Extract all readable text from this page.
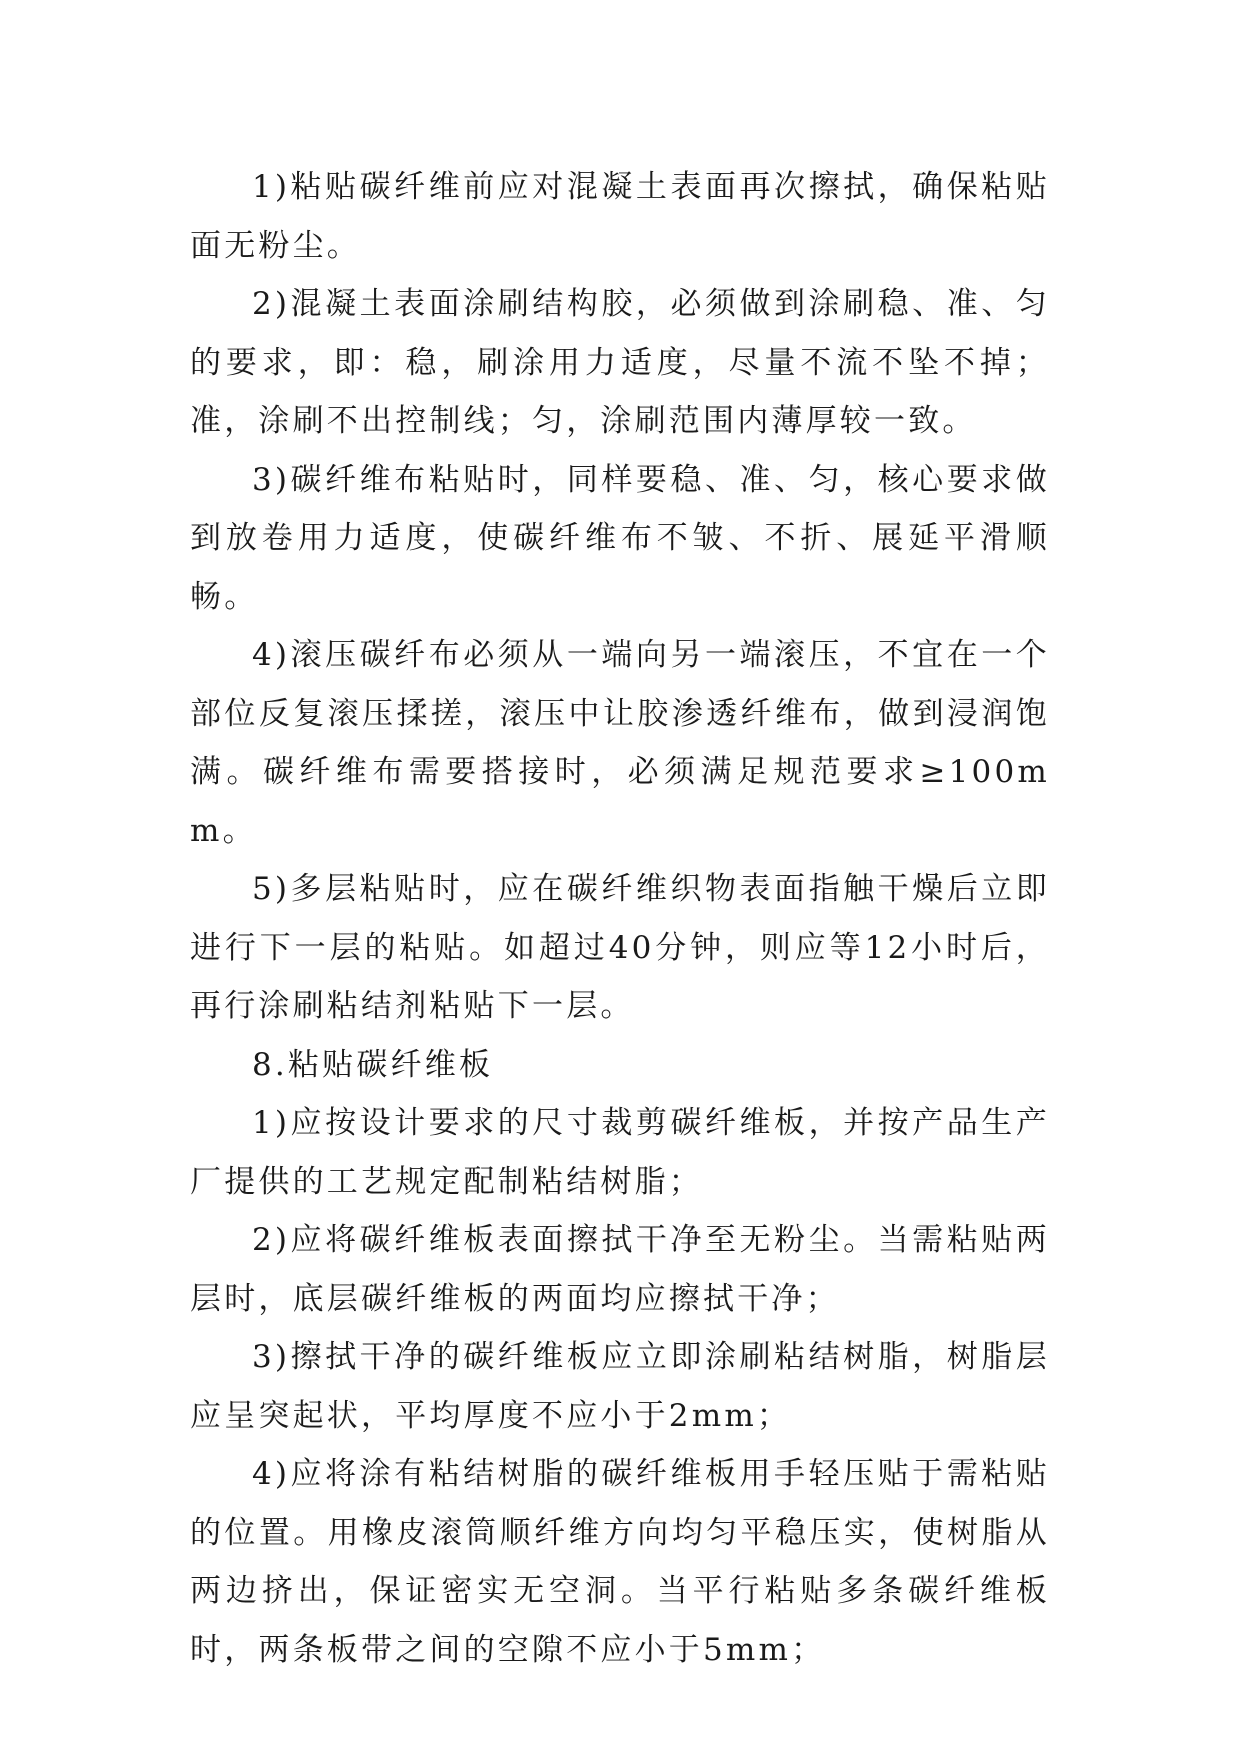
1)粘贴碳纤维前应对混凝土表面再次擦拭，确保粘贴面无粉尘。

2)混凝土表面涂刷结构胶，必须做到涂刷稳、准、匀的要求，即：稳，刷涂用力适度，尽量不流不坠不掉；准，涂刷不出控制线；匀，涂刷范围内薄厚较一致。

3)碳纤维布粘贴时，同样要稳、准、匀，核心要求做到放卷用力适度，使碳纤维布不皱、不折、展延平滑顺畅。

4)滚压碳纤布必须从一端向另一端滚压，不宜在一个部位反复滚压揉搓，滚压中让胶渗透纤维布，做到浸润饱满。碳纤维布需要搭接时，必须满足规范要求≥100mm。

5)多层粘贴时，应在碳纤维织物表面指触干燥后立即进行下一层的粘贴。如超过40分钟，则应等12小时后，再行涂刷粘结剂粘贴下一层。

8.粘贴碳纤维板

1)应按设计要求的尺寸裁剪碳纤维板，并按产品生产厂提供的工艺规定配制粘结树脂；

2)应将碳纤维板表面擦拭干净至无粉尘。当需粘贴两层时，底层碳纤维板的两面均应擦拭干净；

3)擦拭干净的碳纤维板应立即涂刷粘结树脂，树脂层应呈突起状，平均厚度不应小于2mm；

4)应将涂有粘结树脂的碳纤维板用手轻压贴于需粘贴的位置。用橡皮滚筒顺纤维方向均匀平稳压实，使树脂从两边挤出，保证密实无空洞。当平行粘贴多条碳纤维板时，两条板带之间的空隙不应小于5mm；
